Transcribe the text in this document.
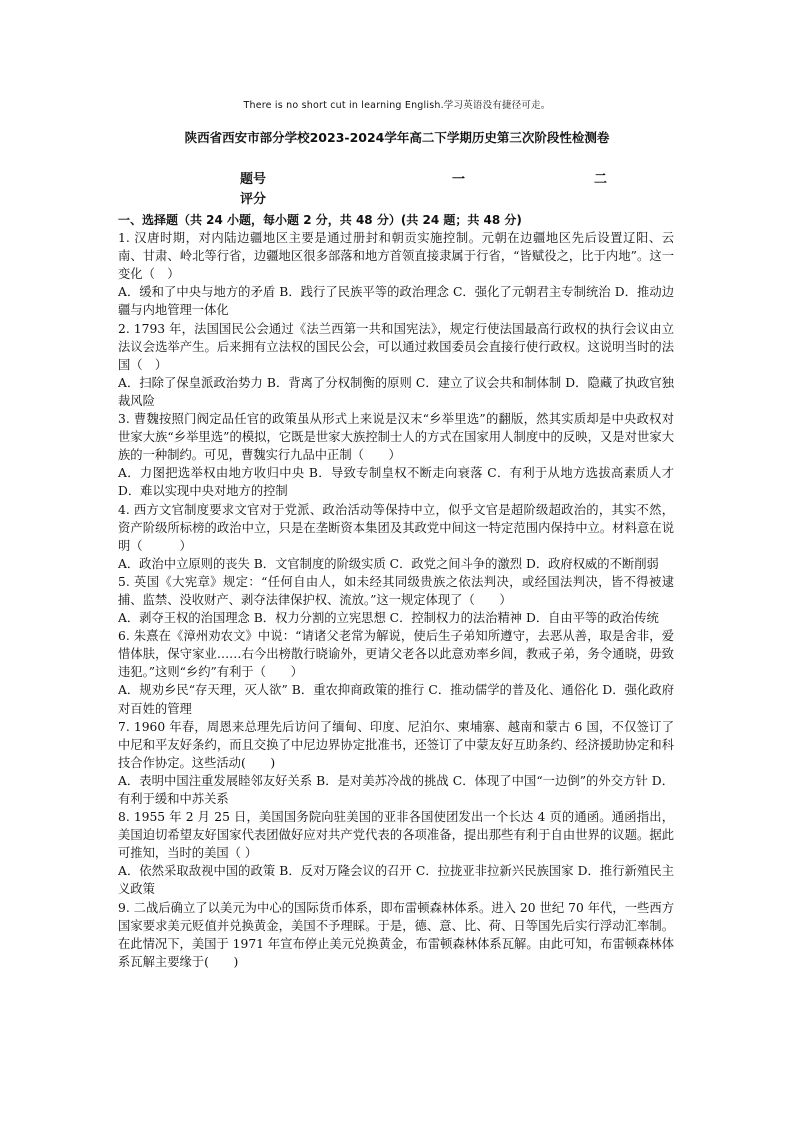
There is no short cut in learning English.学习英语没有捷径可走。
陕西省西安市部分学校2023-2024学年高二下学期历史第三次阶段性检测卷
题号	一	二
评分
一、选择题（共 24 小题，每小题 2 分，共 48 分）(共 24 题；共 48 分)

1. 汉唐时期，对内陆边疆地区主要是通过册封和朝贡实施控制。元朝在边疆地区先后设置辽阳、云南、甘肃、岭北等行省，边疆地区很多部落和地方首领直接隶属于行省，“皆赋役之，比于内地”。这一变化（　）

A．缓和了中央与地方的矛盾 B．践行了民族平等的政治理念 C．强化了元朝君主专制统治 D．推动边疆与内地管理一体化

2. 1793 年，法国国民公会通过《法兰西第一共和国宪法》，规定行使法国最高行政权的执行会议由立法议会选举产生。后来拥有立法权的国民公会，可以通过救国委员会直接行使行政权。这说明当时的法国（　）

A．扫除了保皇派政治势力 B．背离了分权制衡的原则 C．建立了议会共和制体制 D．隐藏了执政官独裁风险

3. 曹魏按照门阀定品任官的政策虽从形式上来说是汉末“乡举里选”的翻版，然其实质却是中央政权对世家大族“乡举里选”的模拟，它既是世家大族控制士人的方式在国家用人制度中的反映，又是对世家大族的一种制约。可见，曹魏实行九品中正制（　　）

A．力图把选举权由地方收归中央 B．导致专制皇权不断走向衰落 C．有利于从地方选拔高素质人才 D．难以实现中央对地方的控制

4. 西方文官制度要求文官对于党派、政治活动等保持中立，似乎文官是超阶级超政治的，其实不然，资产阶级所标榜的政治中立，只是在垄断资本集团及其政党中间这一特定范围内保持中立。材料意在说明（　　　）

A．政治中立原则的丧失 B．文官制度的阶级实质 C．政党之间斗争的激烈 D．政府权威的不断削弱

5. 英国《大宪章》规定：“任何自由人，如未经其同级贵族之依法判决，或经国法判决，皆不得被逮捕、监禁、没收财产、剥夺法律保护权、流放。”这一规定体现了（　　）

A．剥夺王权的治国理念 B．权力分割的立宪思想 C．控制权力的法治精神 D．自由平等的政治传统

6. 朱熹在《漳州劝农文》中说：“请诸父老常为解说，使后生子弟知所遵守，去恶从善，取是舍非，爱惜体肤，保守家业……右今出榜散行晓谕外，更请父老各以此意劝率乡闾，教戒子弟，务令通晓，毋致违犯。”这则“乡约”有利于（　　）

A．规劝乡民“存天理，灭人欲” B．重农抑商政策的推行 C．推动儒学的普及化、通俗化 D．强化政府对百姓的管理

7. 1960 年春，周恩来总理先后访问了缅甸、印度、尼泊尔、柬埔寨、越南和蒙古 6 国，不仅签订了中尼和平友好条约，而且交换了中尼边界协定批准书，还签订了中蒙友好互助条约、经济援助协定和科技合作协定。这些活动(　　)

A．表明中国注重发展睦邻友好关系 B．是对美苏冷战的挑战 C．体现了中国“一边倒”的外交方针 D．有利于缓和中苏关系

8. 1955 年 2 月 25 日，美国国务院向驻美国的亚非各国使团发出一个长达 4 页的通函。通函指出，美国迫切希望友好国家代表团做好应对共产党代表的各项准备，提出那些有利于自由世界的议题。据此可推知，当时的美国（ ）

A．依然采取敌视中国的政策 B．反对万隆会议的召开 C．拉拢亚非拉新兴民族国家 D．推行新殖民主义政策

9. 二战后确立了以美元为中心的国际货币体系，即布雷顿森林体系。进入 20 世纪 70 年代，一些西方国家要求美元贬值并兑换黄金，美国不予理睬。于是，德、意、比、荷、日等国先后实行浮动汇率制。在此情况下，美国于 1971 年宣布停止美元兑换黄金，布雷顿森林体系瓦解。由此可知，布雷顿森林体系瓦解主要缘于(　　)
